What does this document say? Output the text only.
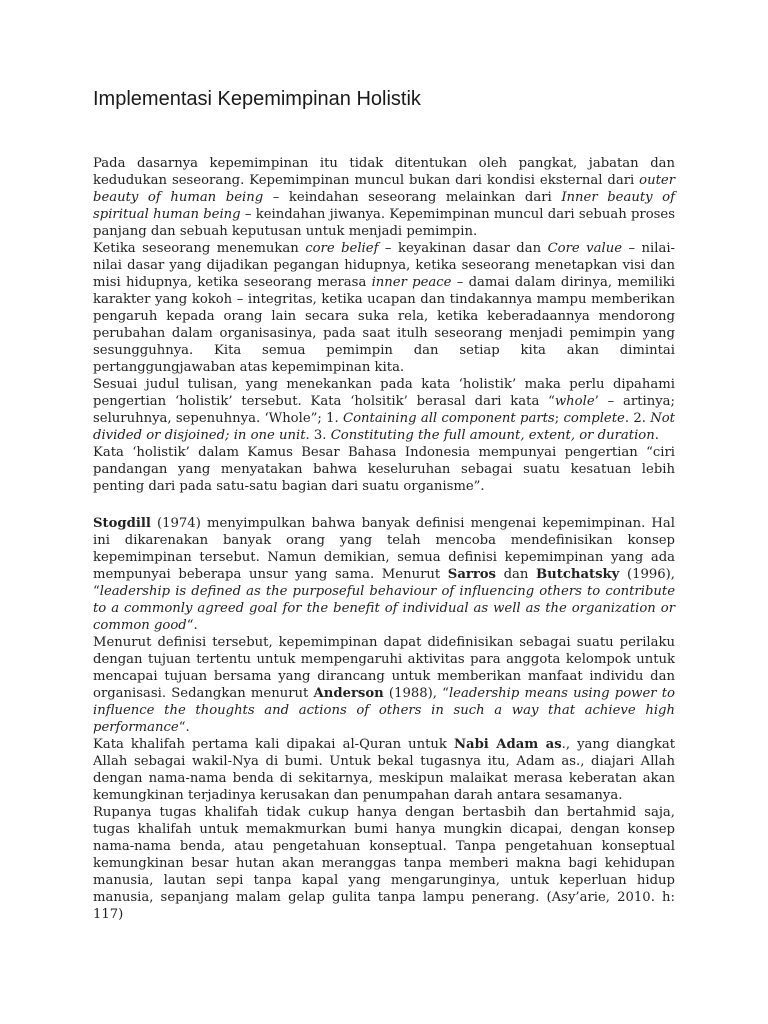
Implementasi Kepemimpinan Holistik

Pada dasarnya kepemimpinan itu tidak ditentukan oleh pangkat, jabatan dan kedudukan seseorang. Kepemimpinan muncul bukan dari kondisi eksternal dari outer beauty of human being – keindahan seseorang melainkan dari Inner beauty of spiritual human being – keindahan jiwanya. Kepemimpinan muncul dari sebuah proses panjang dan sebuah keputusan untuk menjadi pemimpin.

Ketika seseorang menemukan core belief – keyakinan dasar dan Core value – nilai-nilai dasar yang dijadikan pegangan hidupnya, ketika seseorang menetapkan visi dan misi hidupnya, ketika seseorang merasa inner peace – damai dalam dirinya, memiliki karakter yang kokoh – integritas, ketika ucapan dan tindakannya mampu memberikan pengaruh kepada orang lain secara suka rela, ketika keberadaannya mendorong perubahan dalam organisasinya, pada saat itulh seseorang menjadi pemimpin yang sesungguhnya. Kita semua pemimpin dan setiap kita akan dimintai pertanggungjawaban atas kepemimpinan kita.

Sesuai judul tulisan, yang menekankan pada kata ‘holistik’ maka perlu dipahami pengertian ‘holistik’ tersebut. Kata ‘holsitik’ berasal dari kata “whole’ – artinya; seluruhnya, sepenuhnya. ‘Whole”; 1. Containing all component parts; complete. 2. Not divided or disjoined; in one unit. 3. Constituting the full amount, extent, or duration.

Kata ‘holistik’ dalam Kamus Besar Bahasa Indonesia mempunyai pengertian “ciri pandangan yang menyatakan bahwa keseluruhan sebagai suatu kesatuan lebih penting dari pada satu-satu bagian dari suatu organisme”.

Stogdill (1974) menyimpulkan bahwa banyak definisi mengenai kepemimpinan. Hal ini dikarenakan banyak orang yang telah mencoba mendefinisikan konsep kepemimpinan tersebut. Namun demikian, semua definisi kepemimpinan yang ada mempunyai beberapa unsur yang sama. Menurut Sarros dan Butchatsky (1996), “leadership is defined as the purposeful behaviour of influencing others to contribute to a commonly agreed goal for the benefit of individual as well as the organization or common good“.

Menurut definisi tersebut, kepemimpinan dapat didefinisikan sebagai suatu perilaku dengan tujuan tertentu untuk mempengaruhi aktivitas para anggota kelompok untuk mencapai tujuan bersama yang dirancang untuk memberikan manfaat individu dan organisasi. Sedangkan menurut Anderson (1988), “leadership means using power to influence the thoughts and actions of others in such a way that achieve high performance“.

Kata khalifah pertama kali dipakai al-Quran untuk Nabi Adam as., yang diangkat Allah sebagai wakil-Nya di bumi. Untuk bekal tugasnya itu, Adam as., diajari Allah dengan nama-nama benda di sekitarnya, meskipun malaikat merasa keberatan akan kemungkinan terjadinya kerusakan dan penumpahan darah antara sesamanya.

Rupanya tugas khalifah tidak cukup hanya dengan bertasbih dan bertahmid saja, tugas khalifah untuk memakmurkan bumi hanya mungkin dicapai, dengan konsep nama-nama benda, atau pengetahuan konseptual. Tanpa pengetahuan konseptual kemungkinan besar hutan akan meranggas tanpa memberi makna bagi kehidupan manusia, lautan sepi tanpa kapal yang mengarunginya, untuk keperluan hidup manusia, sepanjang malam gelap gulita tanpa lampu penerang. (Asy’arie, 2010. h: 117)
